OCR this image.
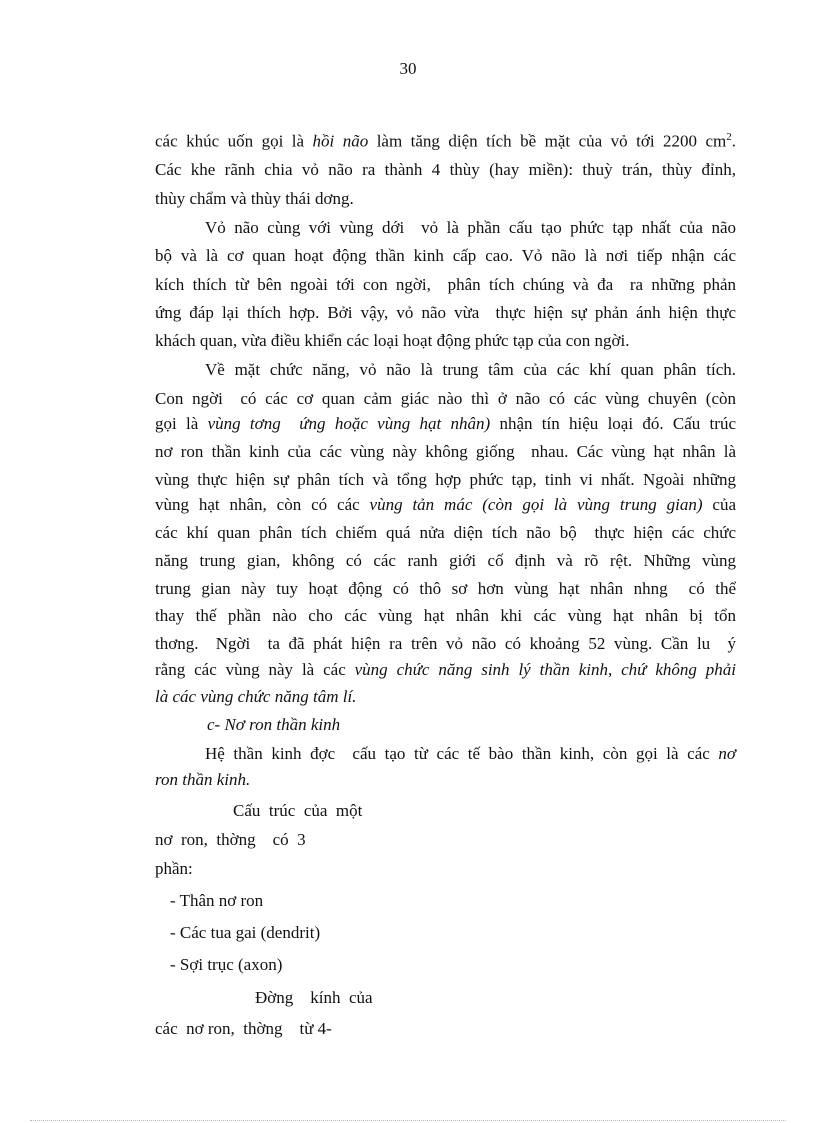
30
các khúc uốn gọi là hồi não làm tăng diện tích bề mặt của vỏ tới 2200 $cm^2$.
Các khe rãnh chia vỏ não ra thành 4 thùy (hay miền): thuỳ trán, thùy đỉnh,
thùy chẩm và thùy thái dơng.
Vỏ não cùng với vùng dới  vỏ là phần cấu tạo phức tạp nhất của não
bộ và là cơ quan hoạt động thần kinh cấp cao. Vỏ não là nơi tiếp nhận các
kích thích từ bên ngoài tới con ngời,  phân tích chúng và đa  ra những phản
ứng đáp lại thích hợp. Bởi vậy, vỏ não vừa  thực hiện sự phản ánh hiện thực
khách quan, vừa điều khiển các loại hoạt động phức tạp của con ngời.
Về mặt chức năng, vỏ não là trung tâm của các khí quan phân tích.
Con ngời  có các cơ quan cảm giác nào thì ở não có các vùng chuyên (còn
gọi là vùng tơng  ứng hoặc vùng hạt nhân) nhận tín hiệu loại đó. Cấu trúc
nơ ron thần kinh của các vùng này không giống  nhau. Các vùng hạt nhân là
vùng thực hiện sự phân tích và tổng hợp phức tạp, tinh vi nhất. Ngoài những
vùng hạt nhân, còn có các vùng tản mác (còn gọi là vùng trung gian) của
các khí quan phân tích chiếm quá nửa diện tích não bộ  thực hiện các chức
năng trung gian, không có các ranh giới cố định và rõ rệt. Những vùng
trung gian này tuy hoạt động có thô sơ hơn vùng hạt nhân nhng  có thể
thay thế phần nào cho các vùng hạt nhân khi các vùng hạt nhân bị tổn
thơng.  Ngời  ta đã phát hiện ra trên vỏ não có khoảng 52 vùng. Cần lu  ý
rằng các vùng này là các vùng chức năng sinh lý thần kinh, chứ không phải
là các vùng chức năng tâm lí.
c- Nơ ron thần kinh
Hệ thần kinh đợc  cấu tạo từ các tế bào thần kinh, còn gọi là các nơ
ron thần kinh.
Cấu  trúc  của  một
nơ  ron,  thờng    có  3
phần:
- Thân nơ ron
- Các tua gai (dendrit)
- Sợi trục (axon)
Đờng    kính  của
các  nơ ron,  thờng    từ 4-
